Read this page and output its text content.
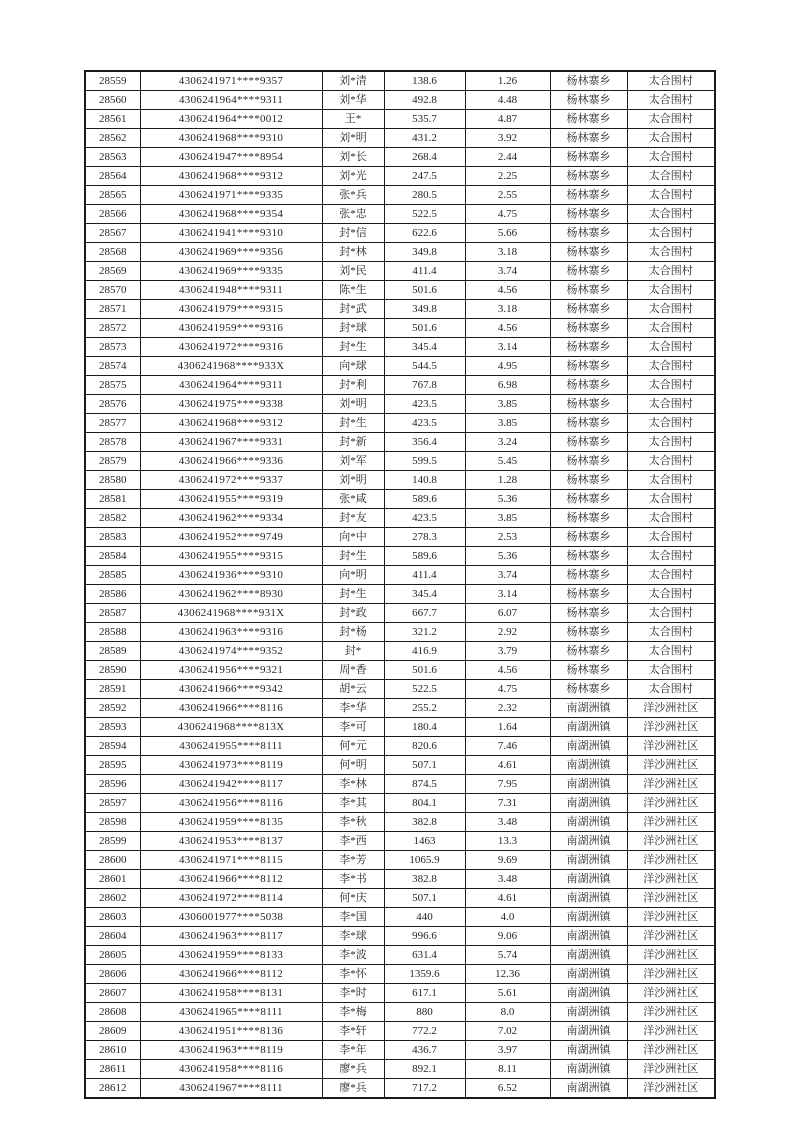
28559	4306241971****9357	刘*清	138.6	1.26	杨林寨乡	太合围村
28560	4306241964****9311	刘*华	492.8	4.48	杨林寨乡	太合围村
28561	4306241964****0012	王*	535.7	4.87	杨林寨乡	太合围村
28562	4306241968****9310	刘*明	431.2	3.92	杨林寨乡	太合围村
28563	4306241947****8954	刘*长	268.4	2.44	杨林寨乡	太合围村
28564	4306241968****9312	刘*光	247.5	2.25	杨林寨乡	太合围村
28565	4306241971****9335	张*兵	280.5	2.55	杨林寨乡	太合围村
28566	4306241968****9354	张*忠	522.5	4.75	杨林寨乡	太合围村
28567	4306241941****9310	封*信	622.6	5.66	杨林寨乡	太合围村
28568	4306241969****9356	封*林	349.8	3.18	杨林寨乡	太合围村
28569	4306241969****9335	刘*民	411.4	3.74	杨林寨乡	太合围村
28570	4306241948****9311	陈*生	501.6	4.56	杨林寨乡	太合围村
28571	4306241979****9315	封*武	349.8	3.18	杨林寨乡	太合围村
28572	4306241959****9316	封*球	501.6	4.56	杨林寨乡	太合围村
28573	4306241972****9316	封*生	345.4	3.14	杨林寨乡	太合围村
28574	4306241968****933X	向*球	544.5	4.95	杨林寨乡	太合围村
28575	4306241964****9311	封*利	767.8	6.98	杨林寨乡	太合围村
28576	4306241975****9338	刘*明	423.5	3.85	杨林寨乡	太合围村
28577	4306241968****9312	封*生	423.5	3.85	杨林寨乡	太合围村
28578	4306241967****9331	封*新	356.4	3.24	杨林寨乡	太合围村
28579	4306241966****9336	刘*军	599.5	5.45	杨林寨乡	太合围村
28580	4306241972****9337	刘*明	140.8	1.28	杨林寨乡	太合围村
28581	4306241955****9319	张*咸	589.6	5.36	杨林寨乡	太合围村
28582	4306241962****9334	封*友	423.5	3.85	杨林寨乡	太合围村
28583	4306241952****9749	向*中	278.3	2.53	杨林寨乡	太合围村
28584	4306241955****9315	封*生	589.6	5.36	杨林寨乡	太合围村
28585	4306241936****9310	向*明	411.4	3.74	杨林寨乡	太合围村
28586	4306241962****8930	封*生	345.4	3.14	杨林寨乡	太合围村
28587	4306241968****931X	封*政	667.7	6.07	杨林寨乡	太合围村
28588	4306241963****9316	封*杨	321.2	2.92	杨林寨乡	太合围村
28589	4306241974****9352	封*	416.9	3.79	杨林寨乡	太合围村
28590	4306241956****9321	周*香	501.6	4.56	杨林寨乡	太合围村
28591	4306241966****9342	胡*云	522.5	4.75	杨林寨乡	太合围村
28592	4306241966****8116	李*华	255.2	2.32	南湖洲镇	洋沙洲社区
28593	4306241968****813X	李*可	180.4	1.64	南湖洲镇	洋沙洲社区
28594	4306241955****8111	何*元	820.6	7.46	南湖洲镇	洋沙洲社区
28595	4306241973****8119	何*明	507.1	4.61	南湖洲镇	洋沙洲社区
28596	4306241942****8117	李*林	874.5	7.95	南湖洲镇	洋沙洲社区
28597	4306241956****8116	李*其	804.1	7.31	南湖洲镇	洋沙洲社区
28598	4306241959****8135	李*秋	382.8	3.48	南湖洲镇	洋沙洲社区
28599	4306241953****8137	李*西	1463	13.3	南湖洲镇	洋沙洲社区
28600	4306241971****8115	李*芳	1065.9	9.69	南湖洲镇	洋沙洲社区
28601	4306241966****8112	李*书	382.8	3.48	南湖洲镇	洋沙洲社区
28602	4306241972****8114	何*庆	507.1	4.61	南湖洲镇	洋沙洲社区
28603	4306001977****5038	李*国	440	4.0	南湖洲镇	洋沙洲社区
28604	4306241963****8117	李*球	996.6	9.06	南湖洲镇	洋沙洲社区
28605	4306241959****8133	李*波	631.4	5.74	南湖洲镇	洋沙洲社区
28606	4306241966****8112	李*怀	1359.6	12.36	南湖洲镇	洋沙洲社区
28607	4306241958****8131	李*时	617.1	5.61	南湖洲镇	洋沙洲社区
28608	4306241965****8111	李*梅	880	8.0	南湖洲镇	洋沙洲社区
28609	4306241951****8136	李*轩	772.2	7.02	南湖洲镇	洋沙洲社区
28610	4306241963****8119	李*年	436.7	3.97	南湖洲镇	洋沙洲社区
28611	4306241958****8116	廖*兵	892.1	8.11	南湖洲镇	洋沙洲社区
28612	4306241967****8111	廖*兵	717.2	6.52	南湖洲镇	洋沙洲社区
